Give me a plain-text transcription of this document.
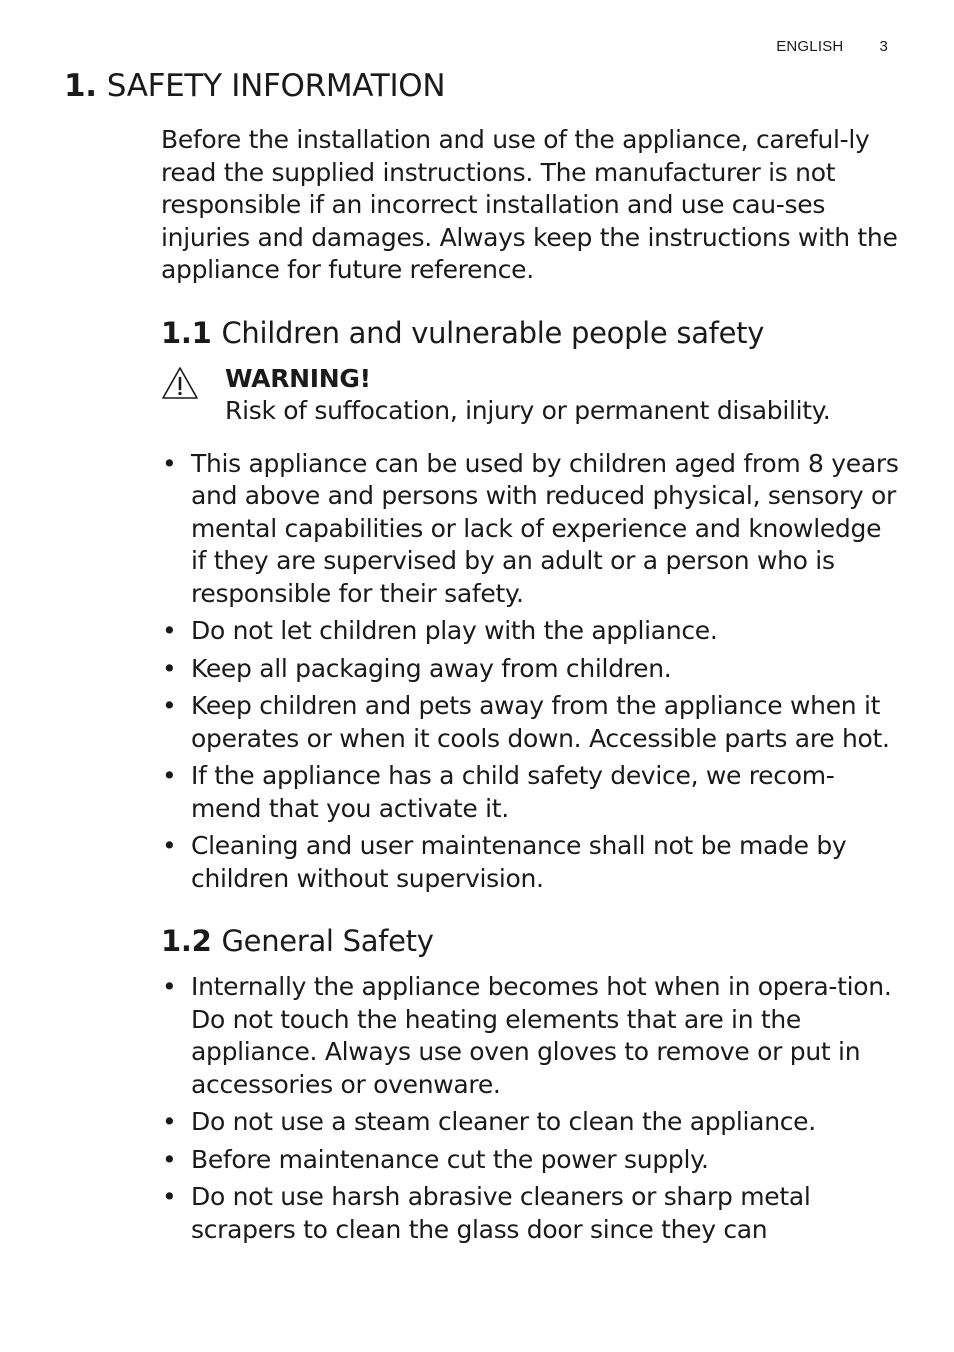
ENGLISH 3
1. SAFETY INFORMATION

Before the installation and use of the appliance, careful-ly read the supplied instructions. The manufacturer is not responsible if an incorrect installation and use cau-ses injuries and damages. Always keep the instructions with the appliance for future reference.

1.1 Children and vulnerable people safety
WARNING!
Risk of suffocation, injury or permanent disability.
• This appliance can be used by children aged from 8 years and above and persons with reduced physical, sensory or mental capabilities or lack of experience and knowledge if they are supervised by an adult or a person who is responsible for their safety.
• Do not let children play with the appliance.
• Keep all packaging away from children.
• Keep children and pets away from the appliance when it operates or when it cools down. Accessible parts are hot.
• If the appliance has a child safety device, we recom-mend that you activate it.
• Cleaning and user maintenance shall not be made by children without supervision.
1.2 General Safety
• Internally the appliance becomes hot when in opera-tion. Do not touch the heating elements that are in the appliance. Always use oven gloves to remove or put in accessories or ovenware.
• Do not use a steam cleaner to clean the appliance.
• Before maintenance cut the power supply.
• Do not use harsh abrasive cleaners or sharp metal scrapers to clean the glass door since they can
